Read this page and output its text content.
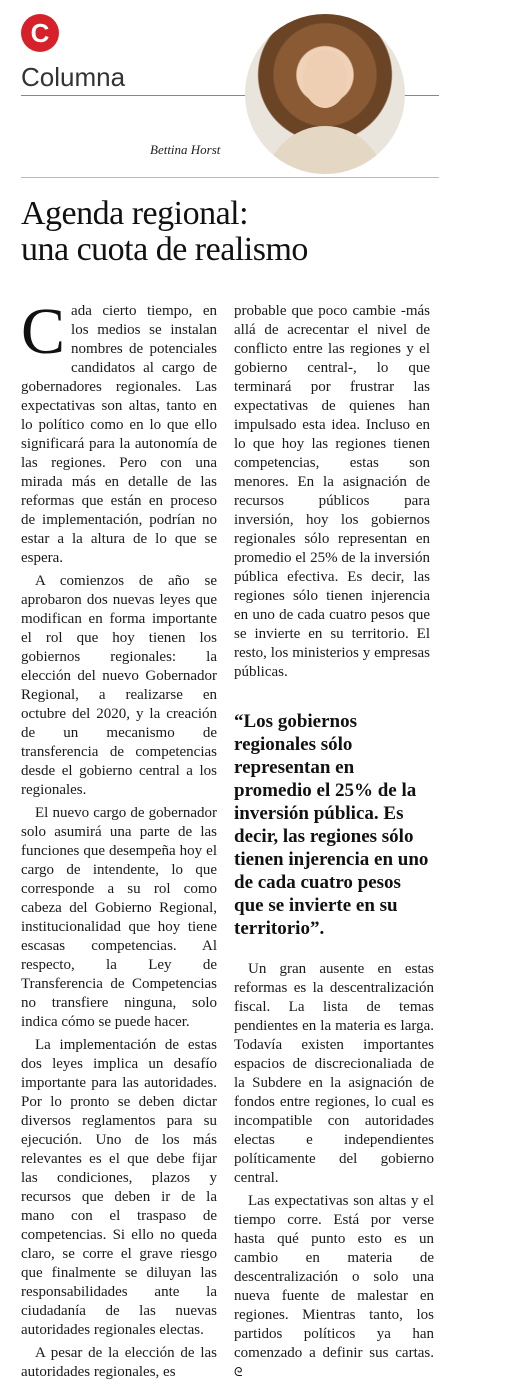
C
Columna
Bettina Horst
Agenda regional:
una cuota de realismo

Cada cierto tiempo, en los medios se instalan nombres de potenciales candidatos al cargo de gobernadores regionales. Las expectativas son altas, tanto en lo político como en lo que ello significará para la autonomía de las regiones. Pero con una mirada más en detalle de las reformas que están en proceso de implementación, podrían no estar a la altura de lo que se espera.

A comienzos de año se aprobaron dos nuevas leyes que modifican en forma importante el rol que hoy tienen los gobiernos regionales: la elección del nuevo Gobernador Regional, a realizarse en octubre del 2020, y la creación de un mecanismo de transferencia de competencias desde el gobierno central a los regionales.

El nuevo cargo de gobernador solo asumirá una parte de las funciones que desempeña hoy el cargo de intendente, lo que corresponde a su rol como cabeza del Gobierno Regional, institucionalidad que hoy tiene escasas competencias. Al respecto, la Ley de Transferencia de Competencias no transfiere ninguna, solo indica cómo se puede hacer.

La implementación de estas dos leyes implica un desafío importante para las autoridades. Por lo pronto se deben dictar diversos reglamentos para su ejecución. Uno de los más relevantes es el que debe fijar las condiciones, plazos y recursos que deben ir de la mano con el traspaso de competencias. Si ello no queda claro, se corre el grave riesgo que finalmente se diluyan las responsabilidades ante la ciudadanía de las nuevas autoridades regionales electas.

A pesar de la elección de las autoridades regionales, es

probable que poco cambie -más allá de acrecentar el nivel de conflicto entre las regiones y el gobierno central-, lo que terminará por frustrar las expectativas de quienes han impulsado esta idea. Incluso en lo que hoy las regiones tienen competencias, estas son menores. En la asignación de recursos públicos para inversión, hoy los gobiernos regionales sólo representan en promedio el 25% de la inversión pública efectiva. Es decir, las regiones sólo tienen injerencia en uno de cada cuatro pesos que se invierte en su territorio. El resto, los ministerios y empresas públicas.

“Los gobiernos regionales sólo representan en promedio el 25% de la inversión pública. Es decir, las regiones sólo tienen injerencia en uno de cada cuatro pesos que se invierte en su territorio”.

Un gran ausente en estas reformas es la descentralización fiscal. La lista de temas pendientes en la materia es larga. Todavía existen importantes espacios de discrecionaliada de la Subdere en la asignación de fondos entre regiones, lo cual es incompatible con autoridades electas e independientes políticamente del gobierno central.

Las expectativas son altas y el tiempo corre. Está por verse hasta qué punto esto es un cambio en materia de descentralización o solo una nueva fuente de malestar en regiones. Mientras tanto, los partidos políticos ya han comenzado a definir sus cartas. ᘓ
